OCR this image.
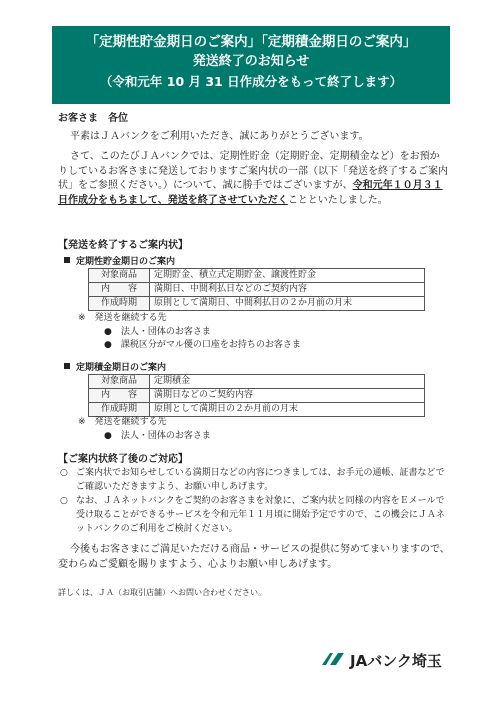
「定期性貯金期日のご案内」「定期積金期日のご案内」
発送終了のお知らせ
（令和元年 10 月 31 日作成分をもって終了します）
お客さま　各位
平素はＪＡバンクをご利用いただき、誠にありがとうございます。
さて、このたびＪＡバンクでは、定期性貯金（定期貯金、定期積金など）をお預かりしているお客さまに発送しておりますご案内状の一部（以下「発送を終了するご案内状」をご参照ください。）について、誠に勝手ではございますが、令和元年１０月３１日作成分をもちまして、発送を終了させていただくことといたしました。
【発送を終了するご案内状】
定期性貯金期日のご案内
対象商品	定期貯金、積立式定期貯金、譲渡性貯金
内　　容	満期日、中間利払日などのご契約内容
作成時期	原則として満期日、中間利払日の２か月前の月末
※　発送を継続する先
●　法人・団体のお客さま
●　課税区分がマル優の口座をお持ちのお客さま
定期積金期日のご案内
対象商品	定期積金
内　　容	満期日などのご契約内容
作成時期	原則として満期日の２か月前の月末
※　発送を継続する先
●　法人・団体のお客さま
【ご案内状終了後のご対応】
○ ご案内状でお知らせしている満期日などの内容につきましては、お手元の通帳、証書などでご確認いただきますよう、お願い申しあげます。
○ なお、ＪＡネットバンクをご契約のお客さまを対象に、ご案内状と同様の内容をＥメールで受け取ることができるサービスを令和元年１１月頃に開始予定ですので、この機会にＪＡネットバンクのご利用をご検討ください。
今後もお客さまにご満足いただける商品・サービスの提供に努めてまいりますので、変わらぬご愛顧を賜りますよう、心よりお願い申しあげます。
詳しくは、ＪＡ（お取引店舗）へお問い合わせください。
JAバンク埼玉
